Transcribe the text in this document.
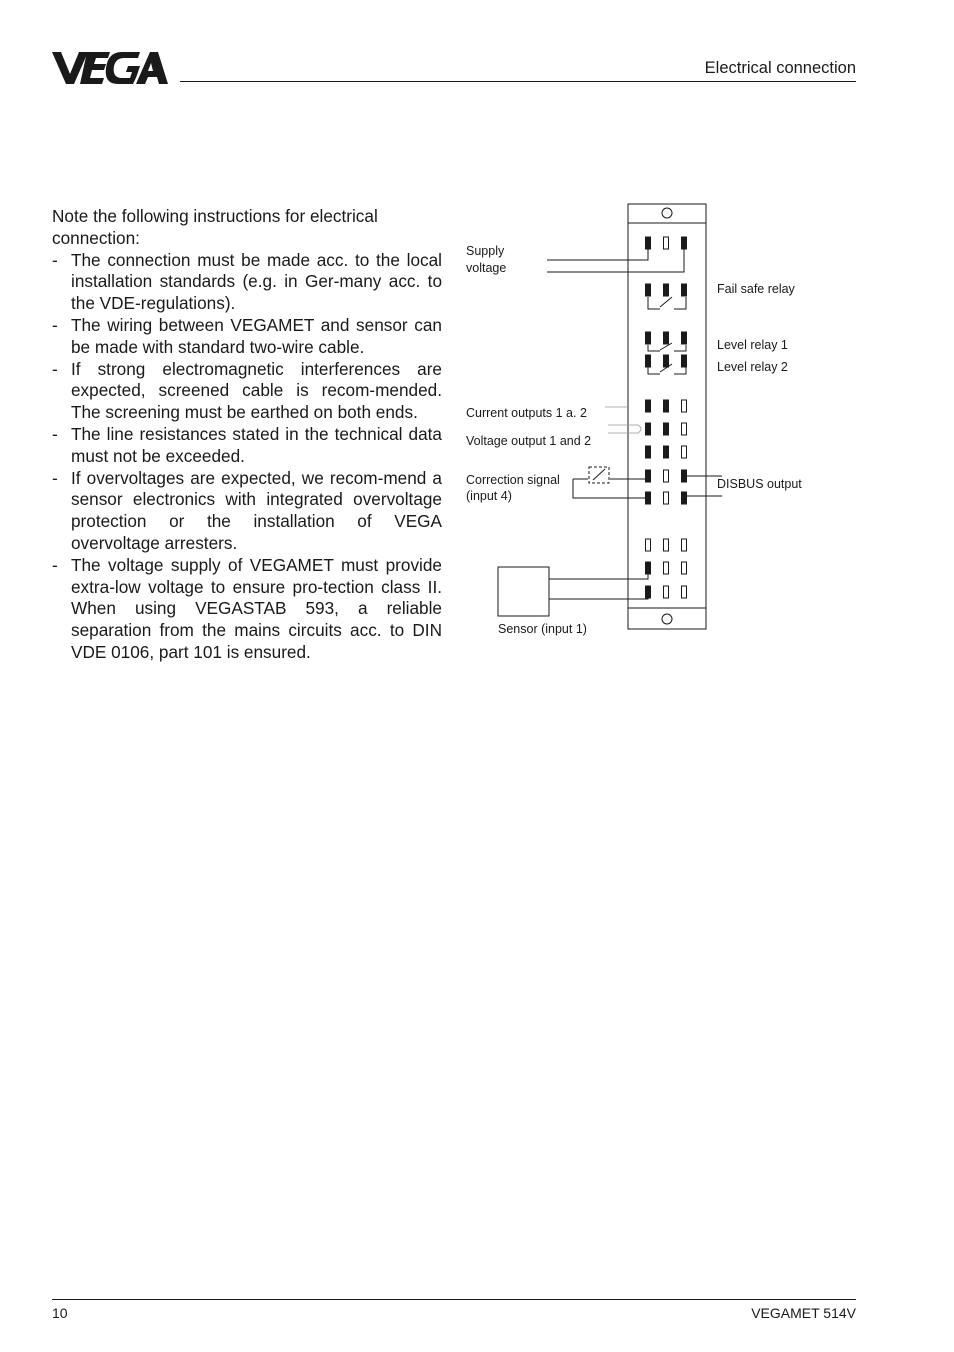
Electrical connection

Note the following instructions for electrical connection:

- The connection must be made acc. to the local installation standards (e.g. in Ger-many acc. to the VDE-regulations).
- The wiring between VEGAMET and sensor can be made with standard two-wire cable.
- If strong electromagnetic interferences are expected, screened cable is recom-mended. The screening must be earthed on both ends.
- The line resistances stated in the technical data must not be exceeded.
- If overvoltages are expected, we recom-mend a sensor electronics with integrated overvoltage protection or the installation of VEGA overvoltage arresters.
- The voltage supply of VEGAMET must provide extra-low voltage to ensure pro-tection class II. When using VEGASTAB 593, a reliable separation from the mains circuits acc. to DIN VDE 0106, part 101 is ensured.
Supply
voltage
Fail safe relay
Level relay 1
Level relay 2
Current outputs 1 a. 2
Voltage output 1 and 2
Correction signal
(input 4)
DISBUS output
Sensor (input 1)
10	VEGAMET 514V
